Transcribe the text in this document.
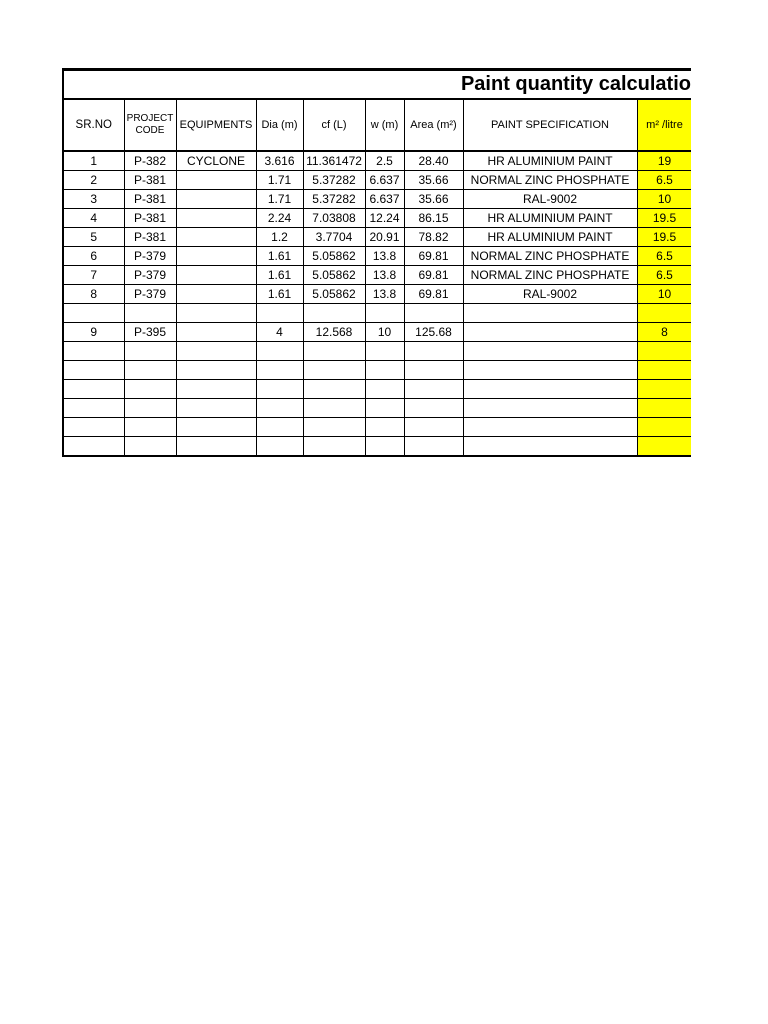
Paint quantity calculatio
SR.NO	PROJECT CODE	EQUIPMENTS	Dia (m)	cf (L)	w (m)	Area (m²)	PAINT SPECIFICATION	m² /litre
1	P-382	CYCLONE	3.616	11.361472	2.5	28.40	HR ALUMINIUM PAINT	19
2	P-381		1.71	5.37282	6.637	35.66	NORMAL ZINC PHOSPHATE	6.5
3	P-381		1.71	5.37282	6.637	35.66	RAL-9002	10
4	P-381		2.24	7.03808	12.24	86.15	HR ALUMINIUM PAINT	19.5
5	P-381		1.2	3.7704	20.91	78.82	HR ALUMINIUM PAINT	19.5
6	P-379		1.61	5.05862	13.8	69.81	NORMAL ZINC PHOSPHATE	6.5
7	P-379		1.61	5.05862	13.8	69.81	NORMAL ZINC PHOSPHATE	6.5
8	P-379		1.61	5.05862	13.8	69.81	RAL-9002	10

9	P-395		4	12.568	10	125.68		8
